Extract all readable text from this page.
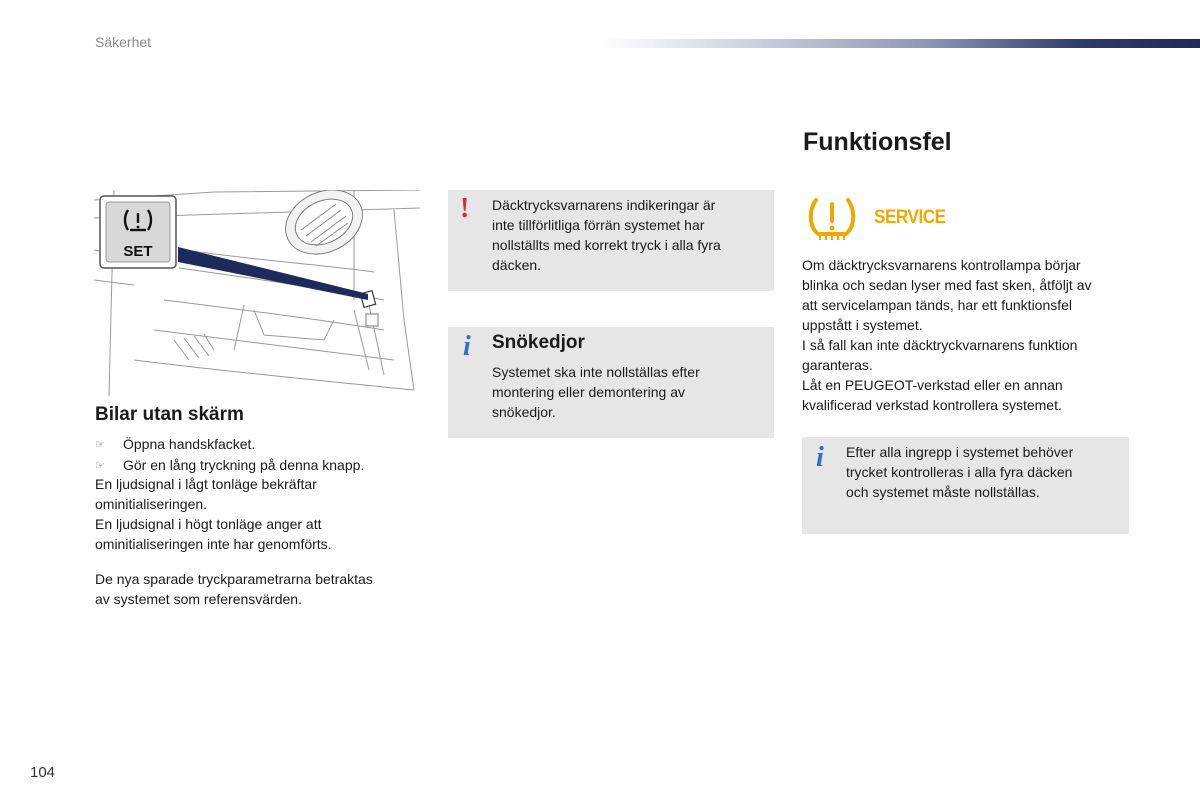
Säkerhet
SET
Bilar utan skärm
☞	Öppna handskfacket.
☞	Gör en lång tryckning på denna knapp.
En ljudsignal i lågt tonläge bekräftar
ominitialiseringen.
En ljudsignal i högt tonläge anger att
ominitialiseringen inte har genomförts.
De nya sparade tryckparametrarna betraktas
av systemet som referensvärden.
! Däcktrycksvarnarens indikeringar är
inte tillförlitliga förrän systemet har
nollställts med korrekt tryck i alla fyra
däcken.
i Snökedjor
Systemet ska inte nollställas efter
montering eller demontering av
snökedjor.
Funktionsfel
SERVICE
Om däcktrycksvarnarens kontrollampa börjar
blinka och sedan lyser med fast sken, åtföljt av
att servicelampan tänds, har ett funktionsfel
uppstått i systemet.
I så fall kan inte däcktryckvarnarens funktion
garanteras.
Låt en PEUGEOT-verkstad eller en annan
kvalificerad verkstad kontrollera systemet.
i Efter alla ingrepp i systemet behöver
trycket kontrolleras i alla fyra däcken
och systemet måste nollställas.
104
